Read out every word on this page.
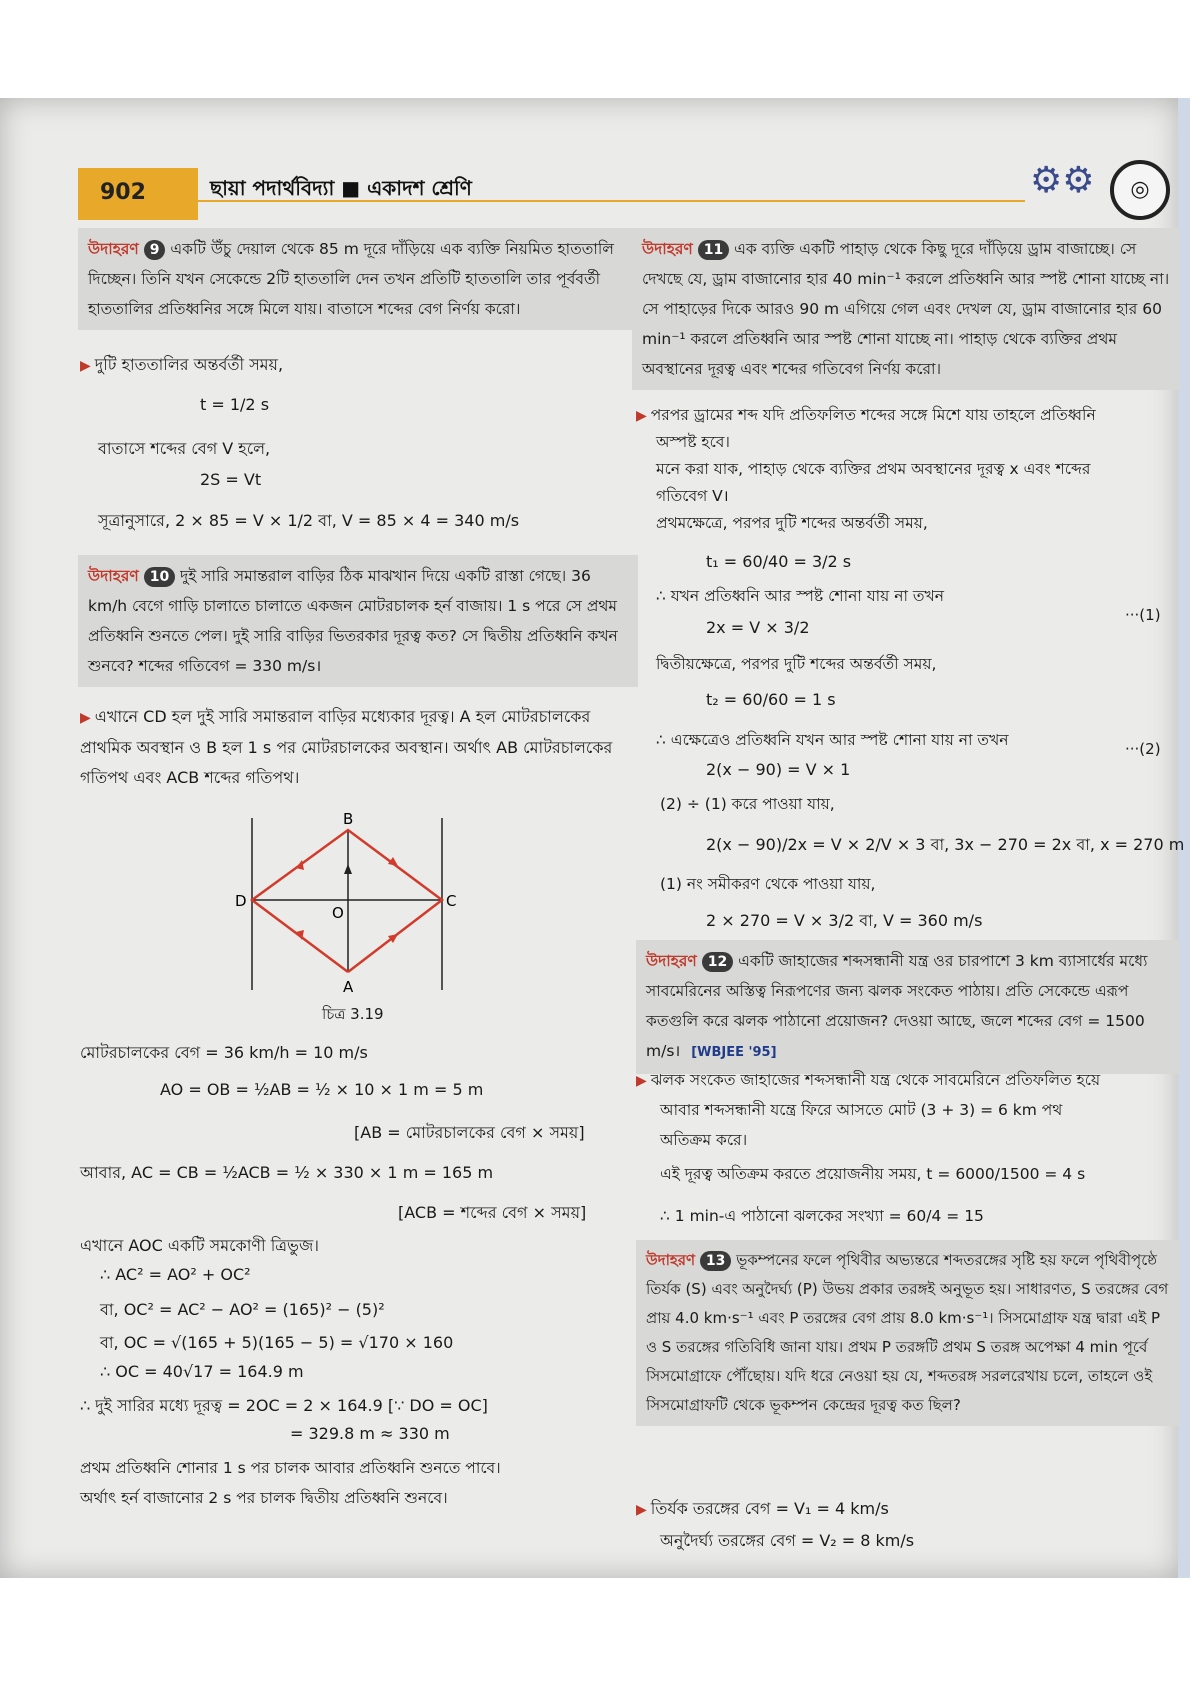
902	ছায়া পদার্থবিদ্যা ■ একাদশ শ্রেণি	⚙⚙	◎
উদাহরণ 9 একটি উঁচু দেয়াল থেকে 85 m দূরে দাঁড়িয়ে এক ব্যক্তি নিয়মিত হাততালি দিচ্ছেন। তিনি যখন সেকেন্ডে 2টি হাততালি দেন তখন প্রতিটি হাততালি তার পূর্ববর্তী হাততালির প্রতিধ্বনির সঙ্গে মিলে যায়। বাতাসে শব্দের বেগ নির্ণয় করো।
▶ দুটি হাততালির অন্তর্বর্তী সময়,
t = 1/2 s
বাতাসে শব্দের বেগ V হলে,
2S = Vt
সূত্রানুসারে, 2 × 85 = V × 1/2 বা, V = 85 × 4 = 340 m/s
উদাহরণ 10 দুই সারি সমান্তরাল বাড়ির ঠিক মাঝখান দিয়ে একটি রাস্তা গেছে। 36 km/h বেগে গাড়ি চালাতে চালাতে একজন মোটরচালক হর্ন বাজায়। 1 s পরে সে প্রথম প্রতিধ্বনি শুনতে পেল। দুই সারি বাড়ির ভিতরকার দূরত্ব কত? সে দ্বিতীয় প্রতিধ্বনি কখন শুনবে? শব্দের গতিবেগ = 330 m/s।
▶ এখানে CD হল দুই সারি সমান্তরাল বাড়ির মধ্যেকার দূরত্ব। A হল মোটরচালকের প্রাথমিক অবস্থান ও B হল 1 s পর মোটরচালকের অবস্থান। অর্থাৎ AB মোটরচালকের গতিপথ এবং ACB শব্দের গতিপথ।
B
D
O
C
A
চিত্র 3.19
মোটরচালকের বেগ = 36 km/h = 10 m/s
AO = OB = ½AB = ½ × 10 × 1 m = 5 m
[AB = মোটরচালকের বেগ × সময়]
আবার, AC = CB = ½ACB = ½ × 330 × 1 m = 165 m
[ACB = শব্দের বেগ × সময়]
এখানে AOC একটি সমকোণী ত্রিভুজ।
∴ AC² = AO² + OC²
বা, OC² = AC² − AO² = (165)² − (5)²
বা, OC = √(165 + 5)(165 − 5) = √170 × 160
∴ OC = 40√17 = 164.9 m
∴ দুই সারির মধ্যে দূরত্ব = 2OC = 2 × 164.9 [∵ DO = OC]
= 329.8 m ≈ 330 m
প্রথম প্রতিধ্বনি শোনার 1 s পর চালক আবার প্রতিধ্বনি শুনতে পাবে।
অর্থাৎ হর্ন বাজানোর 2 s পর চালক দ্বিতীয় প্রতিধ্বনি শুনবে।
উদাহরণ 11 এক ব্যক্তি একটি পাহাড় থেকে কিছু দূরে দাঁড়িয়ে ড্রাম বাজাচ্ছে। সে দেখছে যে, ড্রাম বাজানোর হার 40 min⁻¹ করলে প্রতিধ্বনি আর স্পষ্ট শোনা যাচ্ছে না। সে পাহাড়ের দিকে আরও 90 m এগিয়ে গেল এবং দেখল যে, ড্রাম বাজানোর হার 60 min⁻¹ করলে প্রতিধ্বনি আর স্পষ্ট শোনা যাচ্ছে না। পাহাড় থেকে ব্যক্তির প্রথম অবস্থানের দূরত্ব এবং শব্দের গতিবেগ নির্ণয় করো।
▶ পরপর ড্রামের শব্দ যদি প্রতিফলিত শব্দের সঙ্গে মিশে যায় তাহলে প্রতিধ্বনি
অস্পষ্ট হবে।
মনে করা যাক, পাহাড় থেকে ব্যক্তির প্রথম অবস্থানের দূরত্ব x এবং শব্দের
গতিবেগ V।
প্রথমক্ষেত্রে, পরপর দুটি শব্দের অন্তর্বর্তী সময়,
t₁ = 60/40 = 3/2 s
∴ যখন প্রতিধ্বনি আর স্পষ্ট শোনা যায় না তখন
2x = V × 3/2
···(1)
দ্বিতীয়ক্ষেত্রে, পরপর দুটি শব্দের অন্তর্বর্তী সময়,
t₂ = 60/60 = 1 s
∴ এক্ষেত্রেও প্রতিধ্বনি যখন আর স্পষ্ট শোনা যায় না তখন	···(2)
2(x − 90) = V × 1
(2) ÷ (1) করে পাওয়া যায়,
2(x − 90)/2x = V × 2/V × 3 বা, 3x − 270 = 2x বা, x = 270 m
(1) নং সমীকরণ থেকে পাওয়া যায়,
2 × 270 = V × 3/2 বা, V = 360 m/s
উদাহরণ 12 একটি জাহাজের শব্দসন্ধানী যন্ত্র ওর চারপাশে 3 km ব্যাসার্ধের মধ্যে সাবমেরিনের অস্তিত্ব নিরূপণের জন্য ঝলক সংকেত পাঠায়। প্রতি সেকেন্ডে এরূপ কতগুলি করে ঝলক পাঠানো প্রয়োজন? দেওয়া আছে, জলে শব্দের বেগ = 1500 m/s। [WBJEE '95]
▶ ঝলক সংকেত জাহাজের শব্দসন্ধানী যন্ত্র থেকে সাবমেরিনে প্রতিফলিত হয়ে
আবার শব্দসন্ধানী যন্ত্রে ফিরে আসতে মোট (3 + 3) = 6 km পথ
অতিক্রম করে।
এই দূরত্ব অতিক্রম করতে প্রয়োজনীয় সময়, t = 6000/1500 = 4 s
∴ 1 min-এ পাঠানো ঝলকের সংখ্যা = 60/4 = 15
উদাহরণ 13 ভূকম্পনের ফলে পৃথিবীর অভ্যন্তরে শব্দতরঙ্গের সৃষ্টি হয় ফলে পৃথিবীপৃষ্ঠে তির্যক (S) এবং অনুদৈর্ঘ্য (P) উভয় প্রকার তরঙ্গই অনুভূত হয়। সাধারণত, S তরঙ্গের বেগ প্রায় 4.0 km·s⁻¹ এবং P তরঙ্গের বেগ প্রায় 8.0 km·s⁻¹। সিসমোগ্রাফ যন্ত্র দ্বারা এই P ও S তরঙ্গের গতিবিধি জানা যায়। প্রথম P তরঙ্গটি প্রথম S তরঙ্গ অপেক্ষা 4 min পূর্বে সিসমোগ্রাফে পৌঁছোয়। যদি ধরে নেওয়া হয় যে, শব্দতরঙ্গ সরলরেখায় চলে, তাহলে ওই সিসমোগ্রাফটি থেকে ভূকম্পন কেন্দ্রের দূরত্ব কত ছিল?
▶ তির্যক তরঙ্গের বেগ = V₁ = 4 km/s
অনুদৈর্ঘ্য তরঙ্গের বেগ = V₂ = 8 km/s
